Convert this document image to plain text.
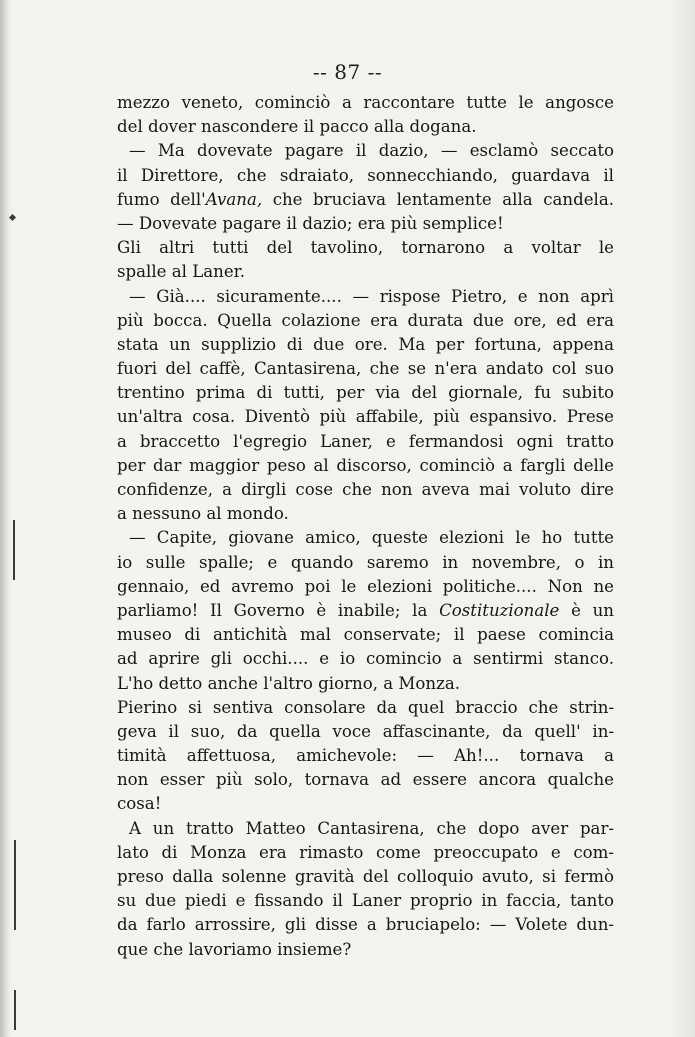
-- 87 --
mezzo veneto, cominciò a raccontare tutte le angosce
del dover nascondere il pacco alla dogana.
— Ma dovevate pagare il dazio, — esclamò seccato
il Direttore, che sdraiato, sonnecchiando, guardava il
fumo dell'Avana, che bruciava lentamente alla candela.
— Dovevate pagare il dazio; era più semplice!
Gli altri tutti del tavolino, tornarono a voltar le
spalle al Laner.
— Già.... sicuramente.... — rispose Pietro, e non aprì
più bocca. Quella colazione era durata due ore, ed era
stata un supplizio di due ore. Ma per fortuna, appena
fuori del caffè, Cantasirena, che se n'era andato col suo
trentino prima di tutti, per via del giornale, fu subito
un'altra cosa. Diventò più affabile, più espansivo. Prese
a braccetto l'egregio Laner, e fermandosi ogni tratto
per dar maggior peso al discorso, cominciò a fargli delle
confidenze, a dirgli cose che non aveva mai voluto dire
a nessuno al mondo.
— Capite, giovane amico, queste elezioni le ho tutte
io sulle spalle; e quando saremo in novembre, o in
gennaio, ed avremo poi le elezioni politiche.... Non ne
parliamo! Il Governo è inabile; la Costituzionale è un
museo di antichità mal conservate; il paese comincia
ad aprire gli occhi.... e io comincio a sentirmi stanco.
L'ho detto anche l'altro giorno, a Monza.
Pierino si sentiva consolare da quel braccio che strin-
geva il suo, da quella voce affascinante, da quell' in-
timità affettuosa, amichevole: — Ah!... tornava a
non esser più solo, tornava ad essere ancora qualche
cosa!
A un tratto Matteo Cantasirena, che dopo aver par-
lato di Monza era rimasto come preoccupato e com-
preso dalla solenne gravità del colloquio avuto, si fermò
su due piedi e fissando il Laner proprio in faccia, tanto
da farlo arrossire, gli disse a bruciapelo: — Volete dun-
que che lavoriamo insieme?
